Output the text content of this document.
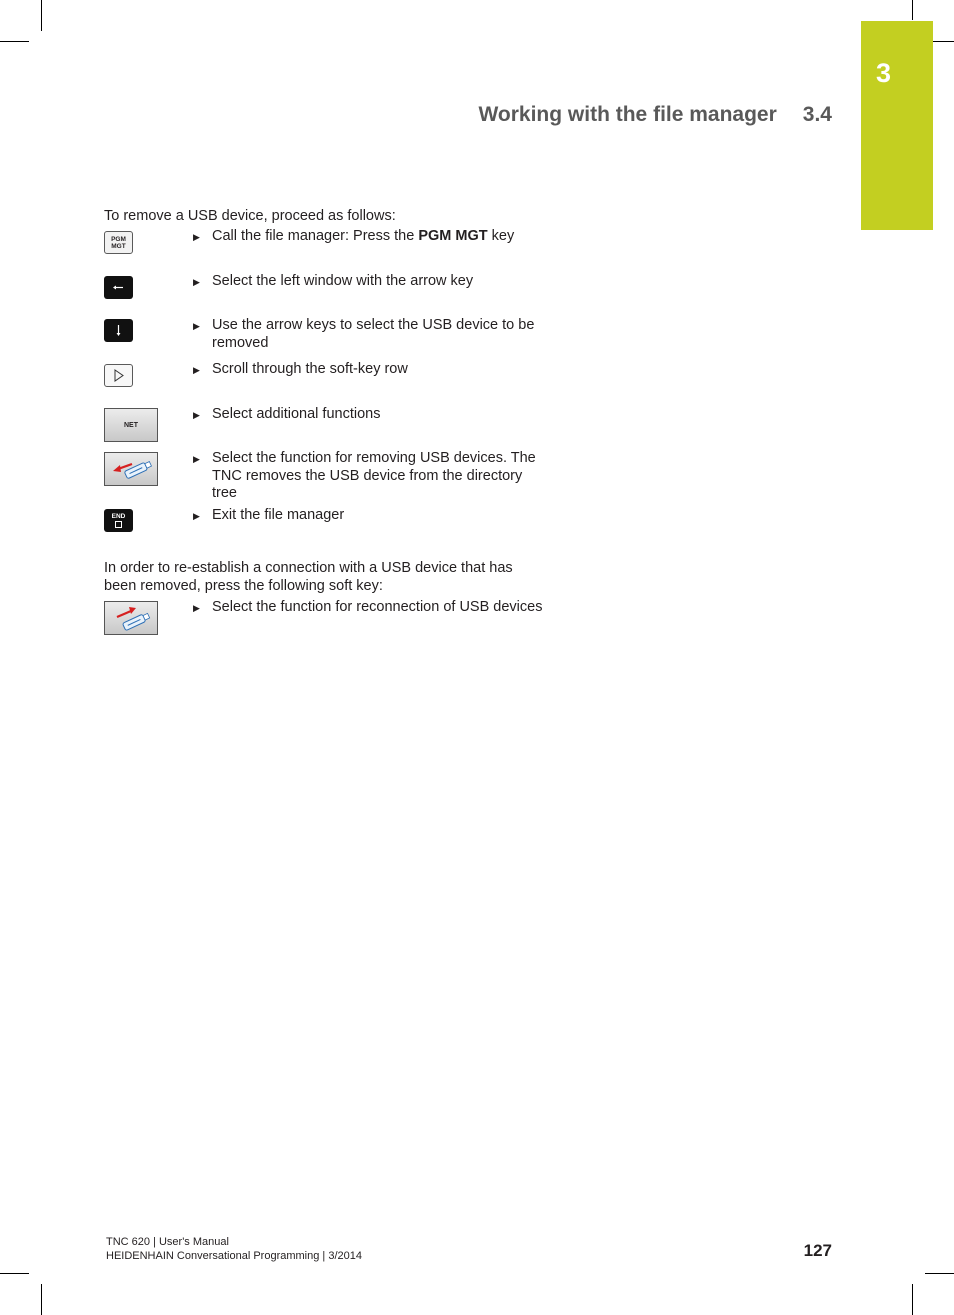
3
Working with the file manager 3.4
To remove a USB device, proceed as follows:
PGM
MGT
▶ Call the file manager: Press the PGM MGT key
▶ Select the left window with the arrow key
▶ Use the arrow keys to select the USB device to be removed
▶ Scroll through the soft-key row
NET
▶ Select additional functions
▶ Select the function for removing USB devices. The TNC removes the USB device from the directory tree
END	▶ Exit the file manager
In order to re-establish a connection with a USB device that has been removed, press the following soft key:
▶ Select the function for reconnection of USB devices
TNC 620 | User's Manual
HEIDENHAIN Conversational Programming | 3/2014	127
